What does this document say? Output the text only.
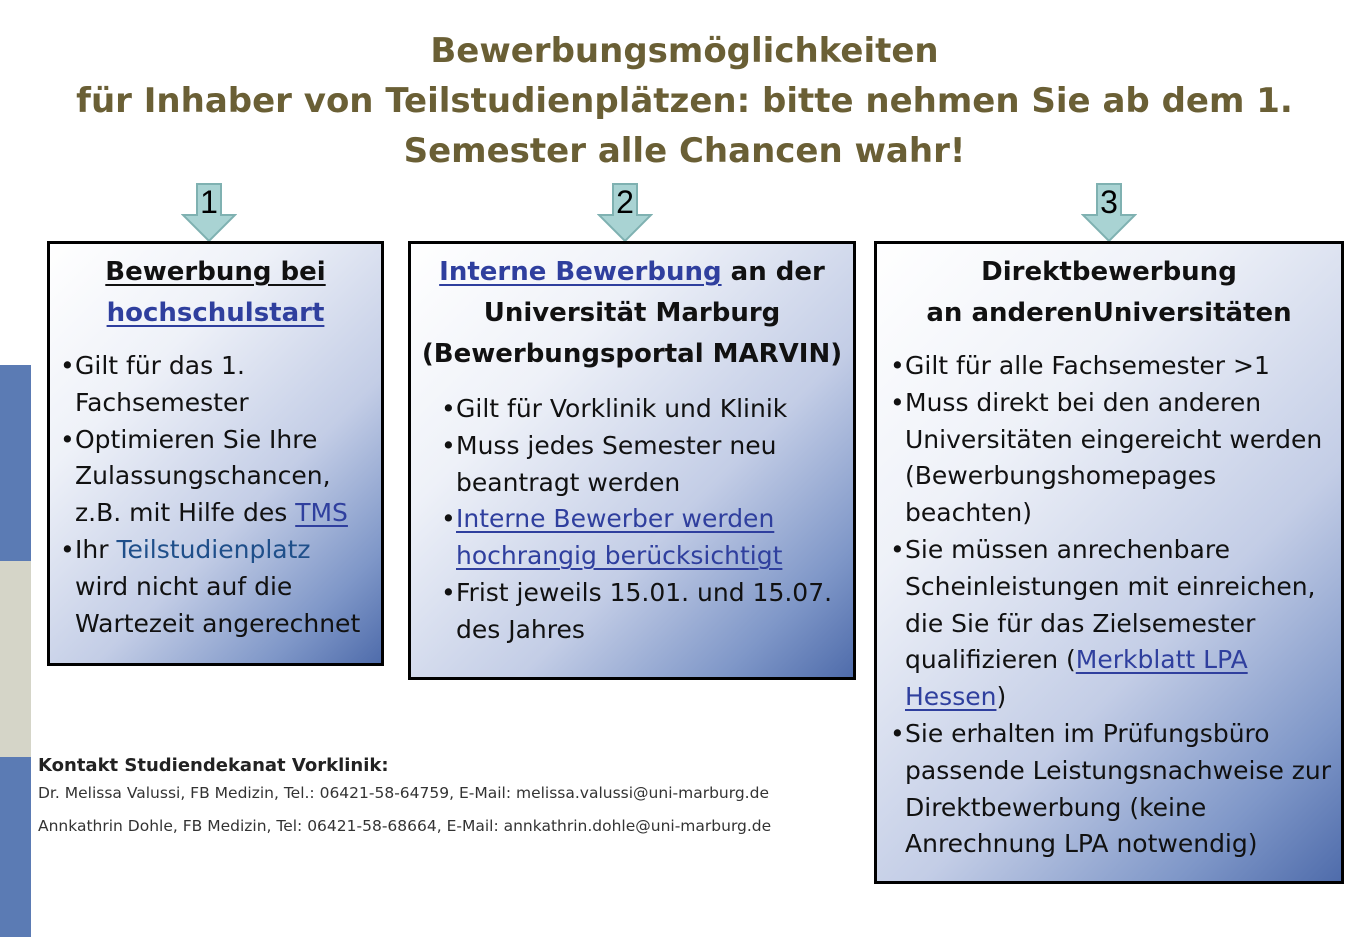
Bewerbungsmöglichkeiten
für Inhaber von Teilstudienplätzen: bitte nehmen Sie ab dem 1.
Semester alle Chancen wahr!
1	2	3
Bewerbung bei
hochschulstart
• Gilt für das 1. Fachsemester
• Optimieren Sie Ihre Zulassungschancen, z.B. mit Hilfe des TMS
• Ihr Teilstudienplatz wird nicht auf die Wartezeit angerechnet
Interne Bewerbung an der
Universität Marburg
(Bewerbungsportal MARVIN)
• Gilt für Vorklinik und Klinik
• Muss jedes Semester neu beantragt werden
• Interne Bewerber werden hochrangig berücksichtigt
• Frist jeweils 15.01. und 15.07. des Jahres
Direktbewerbung
an anderenUniversitäten
• Gilt für alle Fachsemester >1
• Muss direkt bei den anderen Universitäten eingereicht werden (Bewerbungshomepages beachten)
• Sie müssen anrechenbare Scheinleistungen mit einreichen, die Sie für das Zielsemester qualifizieren (Merkblatt LPA Hessen)
• Sie erhalten im Prüfungsbüro passende Leistungsnachweise zur Direktbewerbung (keine Anrechnung LPA notwendig)
Kontakt Studiendekanat Vorklinik:
Dr. Melissa Valussi, FB Medizin, Tel.: 06421-58-64759, E-Mail: melissa.valussi@uni-marburg.de
Annkathrin Dohle, FB Medizin, Tel: 06421-58-68664, E-Mail: annkathrin.dohle@uni-marburg.de
